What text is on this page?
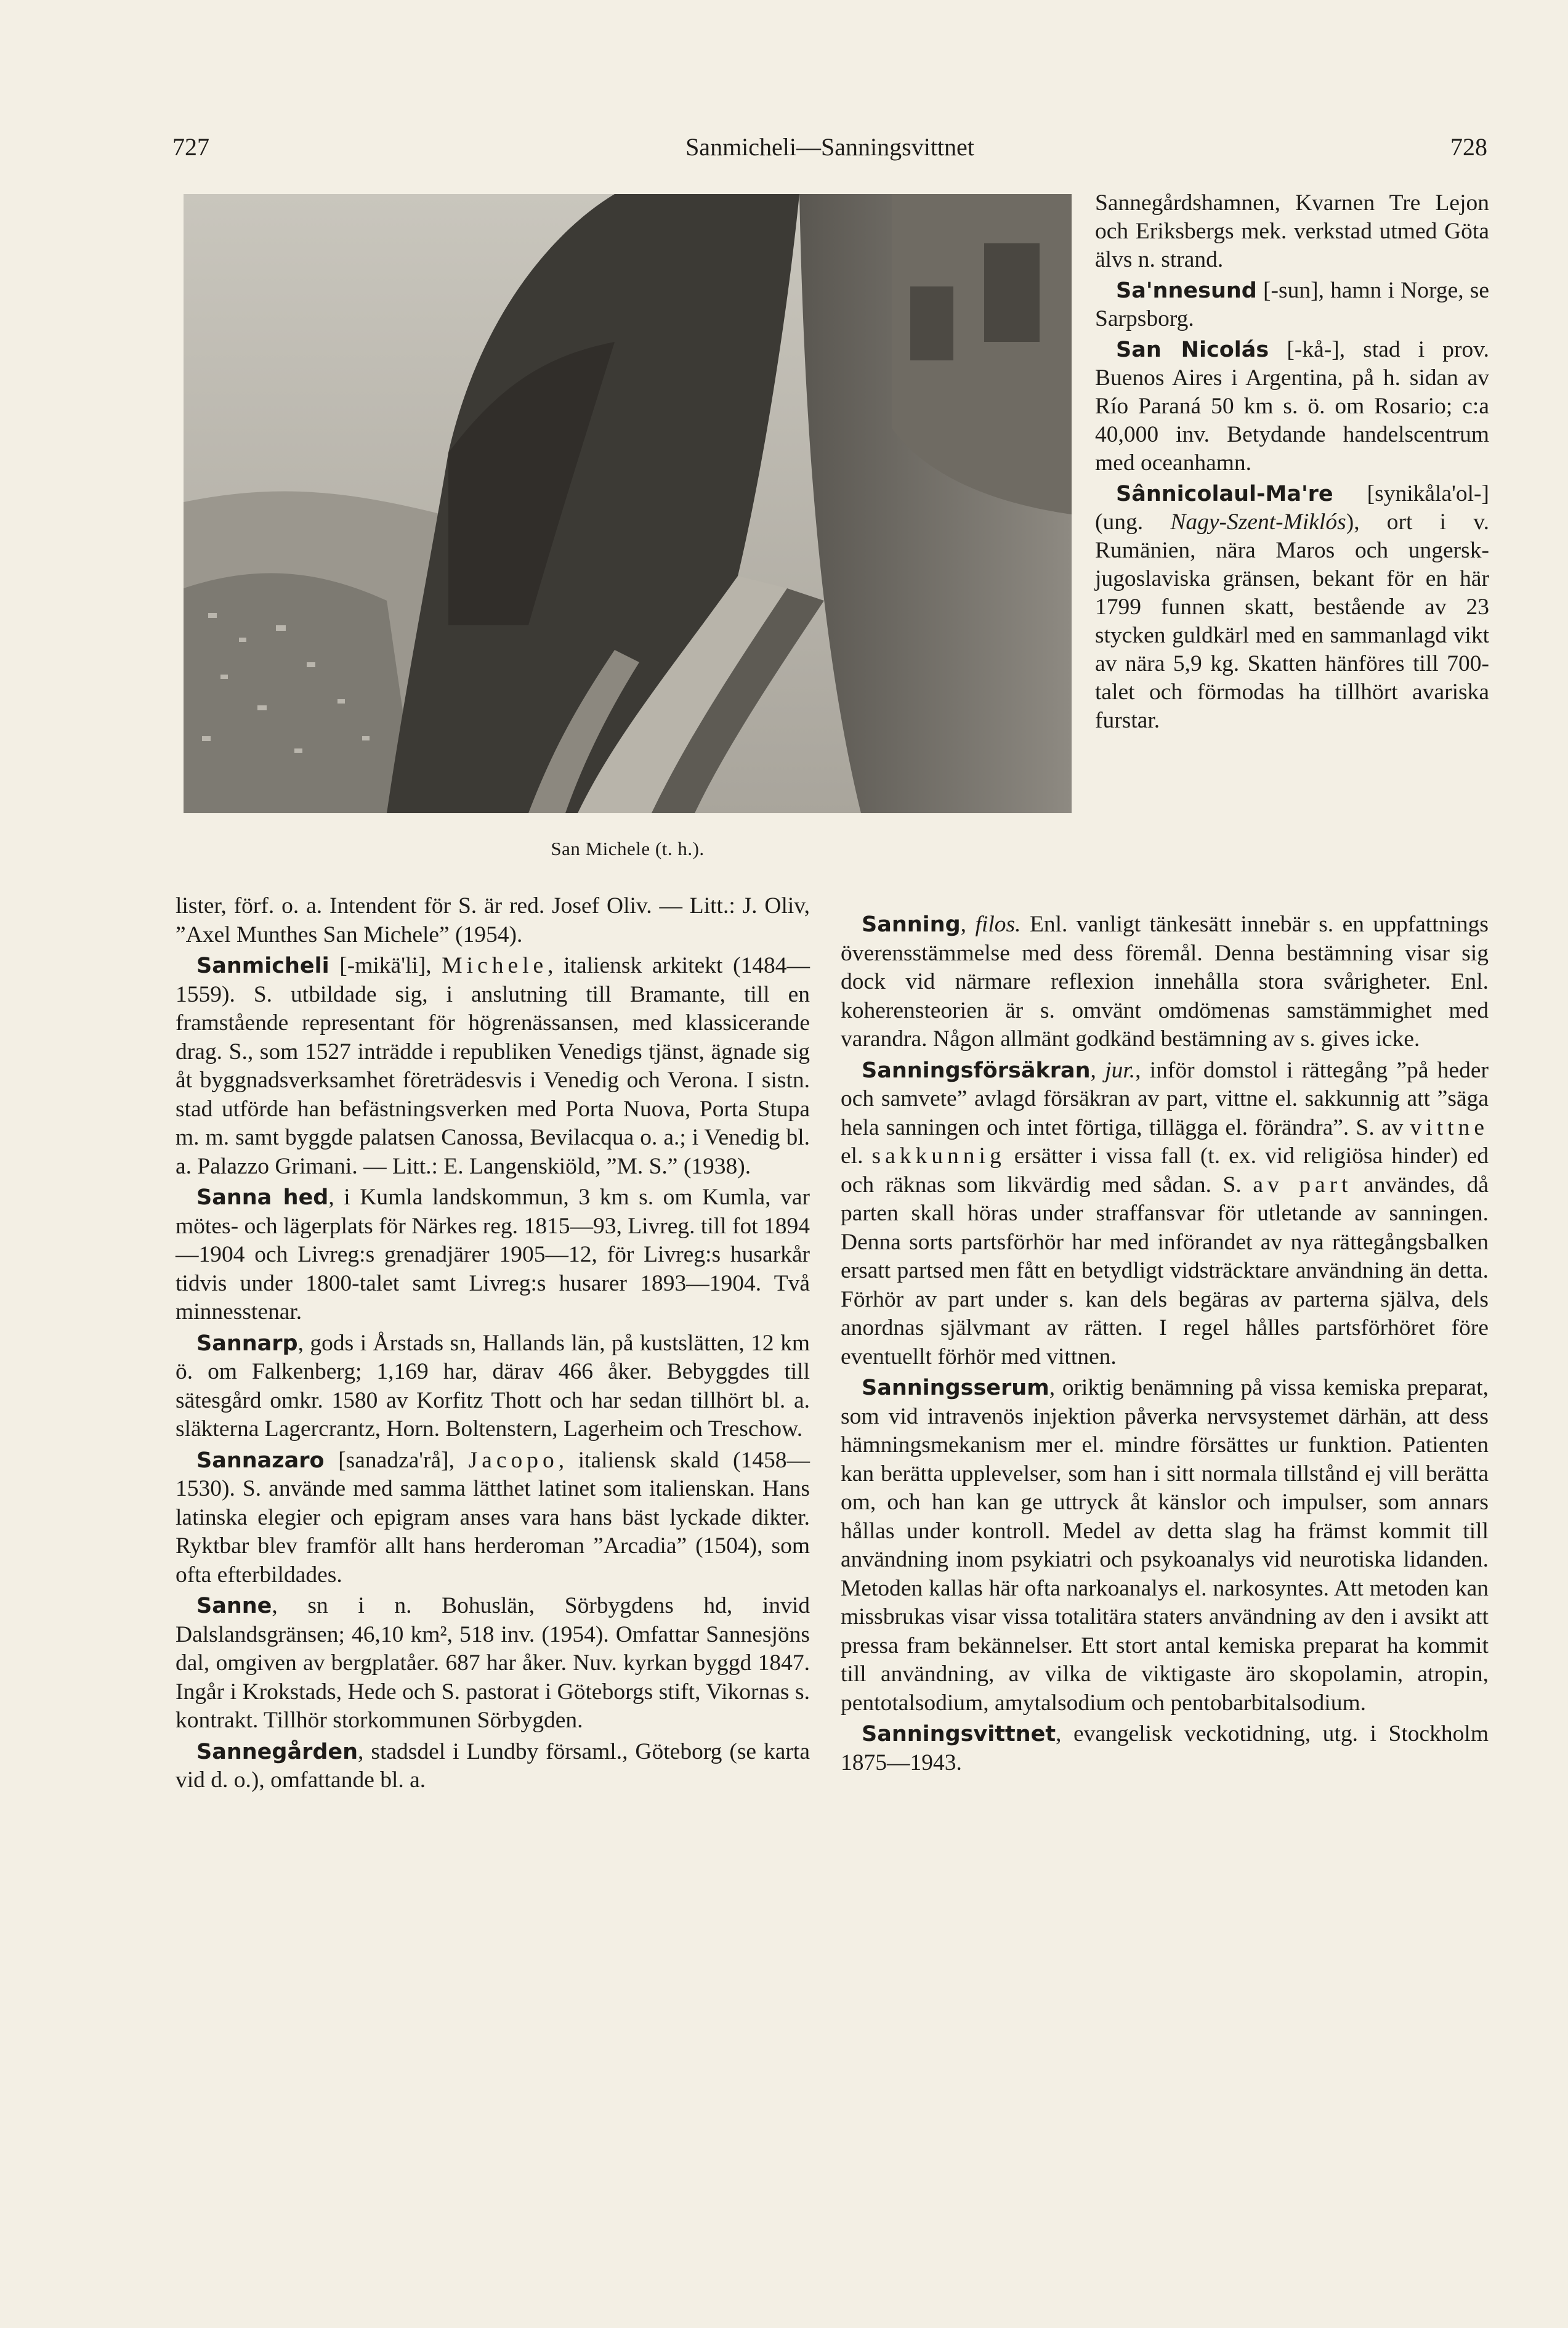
727	Sanmicheli—Sanningsvittnet	728
San Michele (t. h.).

lister, förf. o. a. Intendent för S. är red. Josef Oliv. — Litt.: J. Oliv, ”Axel Munthes San Michele” (1954).

Sanmicheli [-mikä'li], Michele, italiensk arkitekt (1484—1559). S. utbildade sig, i anslutning till Bramante, till en framstående representant för högrenässansen, med klassicerande drag. S., som 1527 inträdde i republiken Venedigs tjänst, ägnade sig åt byggnadsverksamhet företrädesvis i Venedig och Verona. I sistn. stad utförde han befästningsverken med Porta Nuova, Porta Stupa m. m. samt byggde palatsen Canossa, Bevilacqua o. a.; i Venedig bl. a. Palazzo Grimani. — Litt.: E. Langenskiöld, ”M. S.” (1938).

Sanna hed, i Kumla landskommun, 3 km s. om Kumla, var mötes- och lägerplats för Närkes reg. 1815—93, Livreg. till fot 1894—1904 och Livreg:s grenadjärer 1905—12, för Livreg:s husarkår tidvis under 1800-talet samt Livreg:s husarer 1893—1904. Två minnesstenar.

Sannarp, gods i Årstads sn, Hallands län, på kustslätten, 12 km ö. om Falkenberg; 1,169 har, därav 466 åker. Bebyggdes till sätesgård omkr. 1580 av Korfitz Thott och har sedan tillhört bl. a. släkterna Lagercrantz, Horn. Boltenstern, Lagerheim och Treschow.

Sannazaro [sanadza'rå], Jacopo, italiensk skald (1458—1530). S. använde med samma lätthet latinet som italienskan. Hans latinska elegier och epigram anses vara hans bäst lyckade dikter. Ryktbar blev framför allt hans herderoman ”Arcadia” (1504), som ofta efterbildades.

Sanne, sn i n. Bohuslän, Sörbygdens hd, invid Dalslandsgränsen; 46,10 km², 518 inv. (1954). Omfattar Sannesjöns dal, omgiven av bergplatåer. 687 har åker. Nuv. kyrkan byggd 1847. Ingår i Krokstads, Hede och S. pastorat i Göteborgs stift, Vikornas s. kontrakt. Tillhör storkommunen Sörbygden.

Sannegården, stadsdel i Lundby församl., Göteborg (se karta vid d. o.), omfattande bl. a.

Sannegårdshamnen, Kvarnen Tre Lejon och Eriksbergs mek. verkstad utmed Göta älvs n. strand.

Sa'nnesund [-sun], hamn i Norge, se Sarpsborg.

San Nicolás [-kå-], stad i prov. Buenos Aires i Argentina, på h. sidan av Río Paraná 50 km s. ö. om Rosario; c:a 40,000 inv. Betydande handelscentrum med oceanhamn.

Sânnicolaul-Ma're [synikåla'ol-] (ung. Nagy-Szent-Miklós), ort i v. Rumänien, nära Maros och ungersk-jugoslaviska gränsen, bekant för en här 1799 funnen skatt, bestående av 23 stycken guldkärl med en sammanlagd vikt av nära 5,9 kg. Skatten hänföres till 700-talet och förmodas ha tillhört avariska furstar.

Sanning, filos. Enl. vanligt tänkesätt innebär s. en uppfattnings överensstämmelse med dess föremål. Denna bestämning visar sig dock vid närmare reflexion innehålla stora svårigheter. Enl. koherensteorien är s. omvänt omdömenas samstämmighet med varandra. Någon allmänt godkänd bestämning av s. gives icke.

Sanningsförsäkran, jur., inför domstol i rättegång ”på heder och samvete” avlagd försäkran av part, vittne el. sakkunnig att ”säga hela sanningen och intet förtiga, tillägga el. förändra”. S. av vittne el. sakkunnig ersätter i vissa fall (t. ex. vid religiösa hinder) ed och räknas som likvärdig med sådan. S. av part användes, då parten skall höras under straffansvar för utletande av sanningen. Denna sorts partsförhör har med införandet av nya rättegångsbalken ersatt partsed men fått en betydligt vidsträcktare användning än detta. Förhör av part under s. kan dels begäras av parterna själva, dels anordnas självmant av rätten. I regel hålles partsförhöret före eventuellt förhör med vittnen.

Sanningsserum, oriktig benämning på vissa kemiska preparat, som vid intravenös injektion påverka nervsystemet därhän, att dess hämningsmekanism mer el. mindre försättes ur funktion. Patienten kan berätta upplevelser, som han i sitt normala tillstånd ej vill berätta om, och han kan ge uttryck åt känslor och impulser, som annars hållas under kontroll. Medel av detta slag ha främst kommit till användning inom psykiatri och psykoanalys vid neurotiska lidanden. Metoden kallas här ofta narkoanalys el. narkosyntes. Att metoden kan missbrukas visar vissa totalitära staters användning av den i avsikt att pressa fram bekännelser. Ett stort antal kemiska preparat ha kommit till användning, av vilka de viktigaste äro skopolamin, atropin, pentotalsodium, amytalsodium och pentobarbitalsodium.

Sanningsvittnet, evangelisk veckotidning, utg. i Stockholm 1875—1943.
